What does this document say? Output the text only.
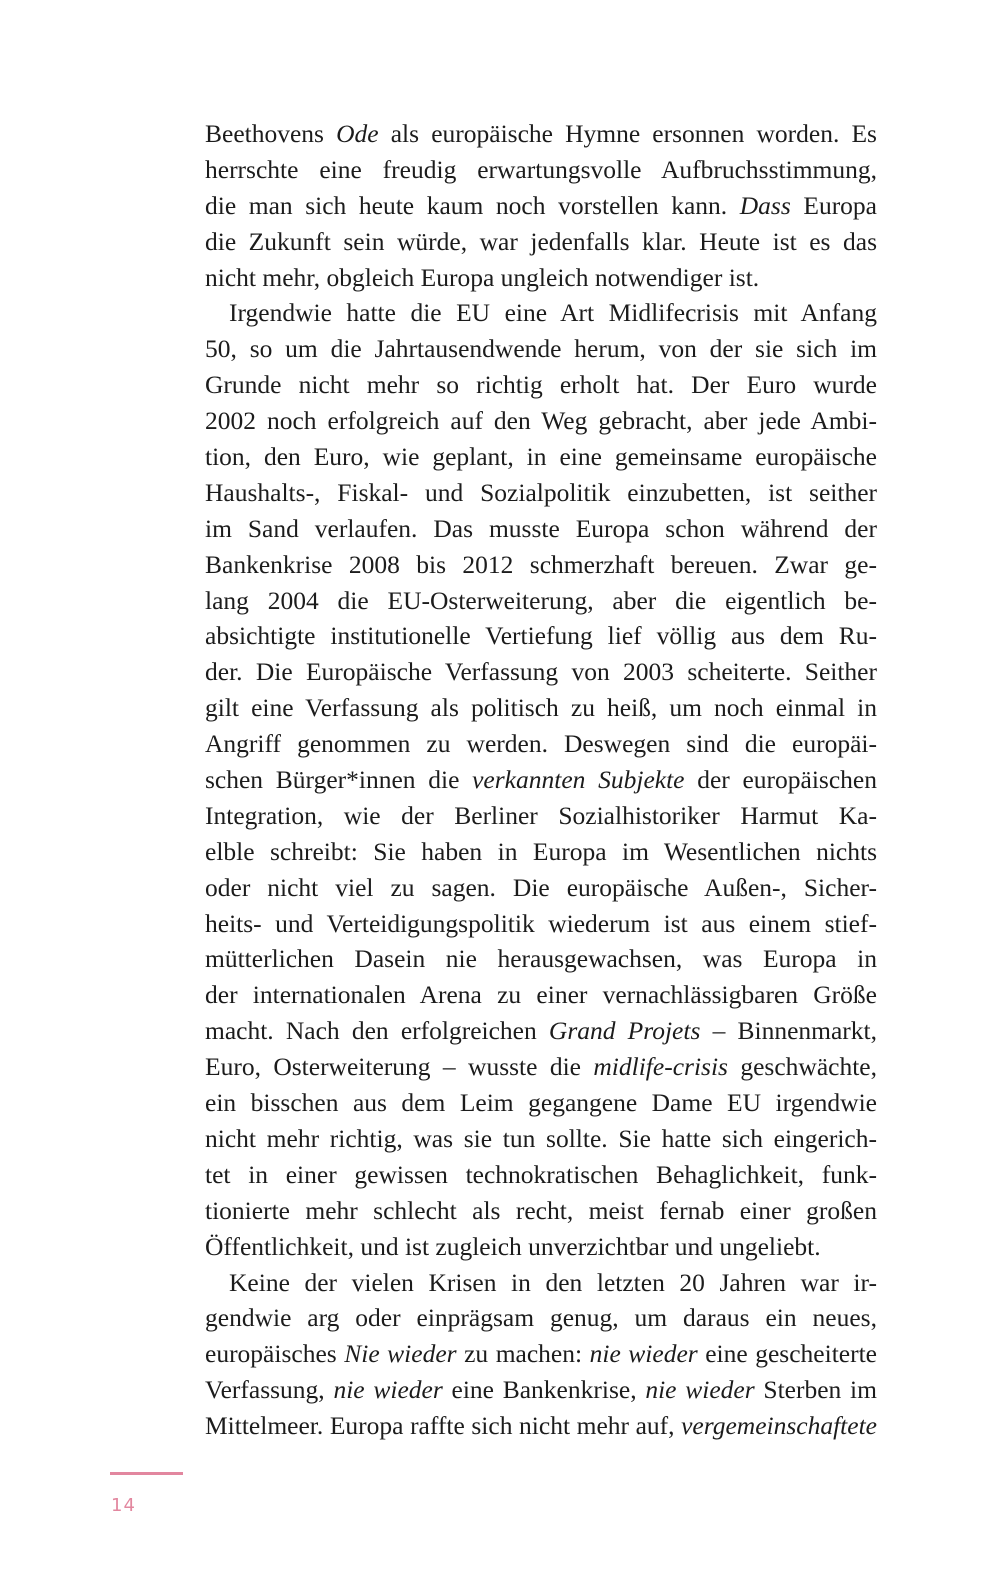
Beethovens Ode als europäische Hymne ersonnen worden. Es
herrschte eine freudig erwartungsvolle Aufbruchsstimmung,
die man sich heute kaum noch vorstellen kann. Dass Europa
die Zukunft sein würde, war jedenfalls klar. Heute ist es das
nicht mehr, obgleich Europa ungleich notwendiger ist.
Irgendwie hatte die EU eine Art Midlifecrisis mit Anfang
50, so um die Jahrtausendwende herum, von der sie sich im
Grunde nicht mehr so richtig erholt hat. Der Euro wurde
2002 noch erfolgreich auf den Weg gebracht, aber jede Ambi-
tion, den Euro, wie geplant, in eine gemeinsame europäische
Haushalts-, Fiskal- und Sozialpolitik einzubetten, ist seither
im Sand verlaufen. Das musste Europa schon während der
Bankenkrise 2008 bis 2012 schmerzhaft bereuen. Zwar ge-
lang 2004 die EU-Osterweiterung, aber die eigentlich be-
absichtigte institutionelle Vertiefung lief völlig aus dem Ru-
der. Die Europäische Verfassung von 2003 scheiterte. Seither
gilt eine Verfassung als politisch zu heiß, um noch einmal in
Angriff genommen zu werden. Deswegen sind die europäi-
schen Bürger*innen die verkannten Subjekte der europäischen
Integration, wie der Berliner Sozialhistoriker Harmut Ka-
elble schreibt: Sie haben in Europa im Wesentlichen nichts
oder nicht viel zu sagen. Die europäische Außen-, Sicher-
heits- und Verteidigungspolitik wiederum ist aus einem stief-
mütterlichen Dasein nie herausgewachsen, was Europa in
der internationalen Arena zu einer vernachlässigbaren Größe
macht. Nach den erfolgreichen Grand Projets – Binnenmarkt,
Euro, Osterweiterung – wusste die midlife-crisis geschwächte,
ein bisschen aus dem Leim gegangene Dame EU irgendwie
nicht mehr richtig, was sie tun sollte. Sie hatte sich eingerich-
tet in einer gewissen technokratischen Behaglichkeit, funk-
tionierte mehr schlecht als recht, meist fernab einer großen
Öffentlichkeit, und ist zugleich unverzichtbar und ungeliebt.
Keine der vielen Krisen in den letzten 20 Jahren war ir-
gendwie arg oder einprägsam genug, um daraus ein neues,
europäisches Nie wieder zu machen: nie wieder eine gescheiterte
Verfassung, nie wieder eine Bankenkrise, nie wieder Sterben im
Mittelmeer. Europa raffte sich nicht mehr auf, vergemeinschaftete
14
